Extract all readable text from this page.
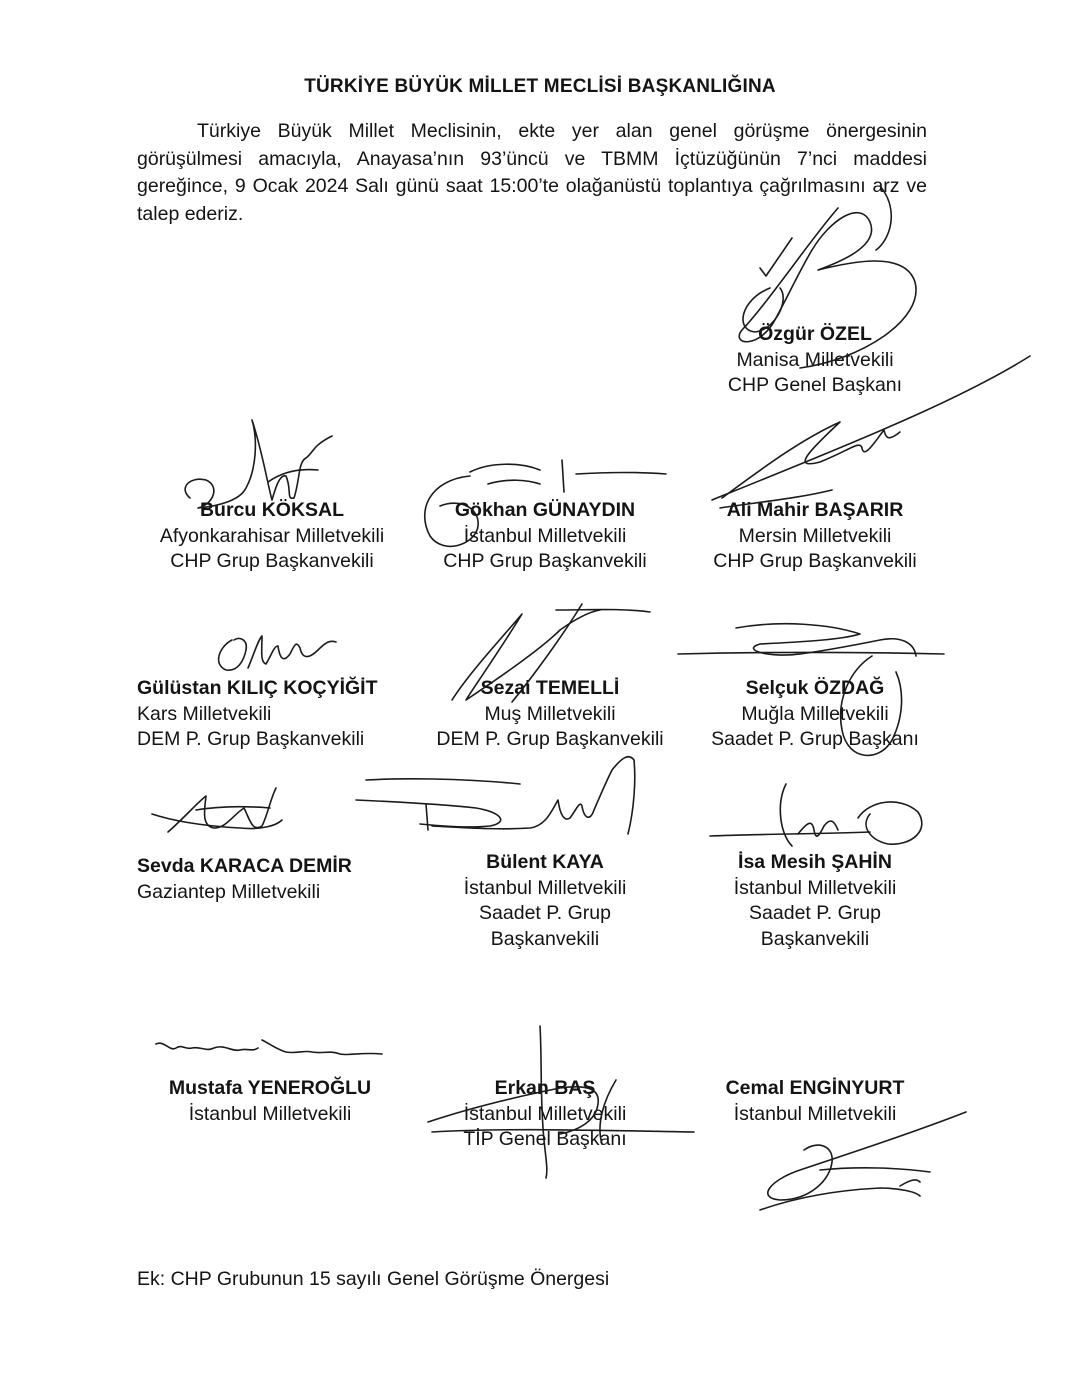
TÜRKİYE BÜYÜK MİLLET MECLİSİ BAŞKANLIĞINA
Türkiye Büyük Millet Meclisinin, ekte yer alan genel görüşme önergesinin görüşülmesi amacıyla, Anayasa’nın 93’üncü ve TBMM İçtüzüğünün 7’nci maddesi gereğince, 9 Ocak 2024 Salı günü saat 15:00’te olağanüstü toplantıya çağrılmasını arz ve talep ederiz.
Özgür ÖZEL
Manisa Milletvekili
CHP Genel Başkanı
Burcu KÖKSAL
Afyonkarahisar Milletvekili
CHP Grup Başkanvekili
Gökhan GÜNAYDIN
İstanbul Milletvekili
CHP Grup Başkanvekili
Ali Mahir BAŞARIR
Mersin Milletvekili
CHP Grup Başkanvekili
Gülüstan KILIÇ KOÇYİĞİT
Kars Milletvekili
DEM P. Grup Başkanvekili
Sezai TEMELLİ
Muş Milletvekili
DEM P. Grup Başkanvekili
Selçuk ÖZDAĞ
Muğla Milletvekili
Saadet P. Grup Başkanı
Sevda KARACA DEMİR
Gaziantep Milletvekili
Bülent KAYA
İstanbul Milletvekili
Saadet P. Grup
Başkanvekili
İsa Mesih ŞAHİN
İstanbul Milletvekili
Saadet P. Grup
Başkanvekili
Mustafa YENEROĞLU
İstanbul Milletvekili
Erkan BAŞ
İstanbul Milletvekili
TİP Genel Başkanı
Cemal ENGİNYURT
İstanbul Milletvekili
Ek: CHP Grubunun 15 sayılı Genel Görüşme Önergesi
